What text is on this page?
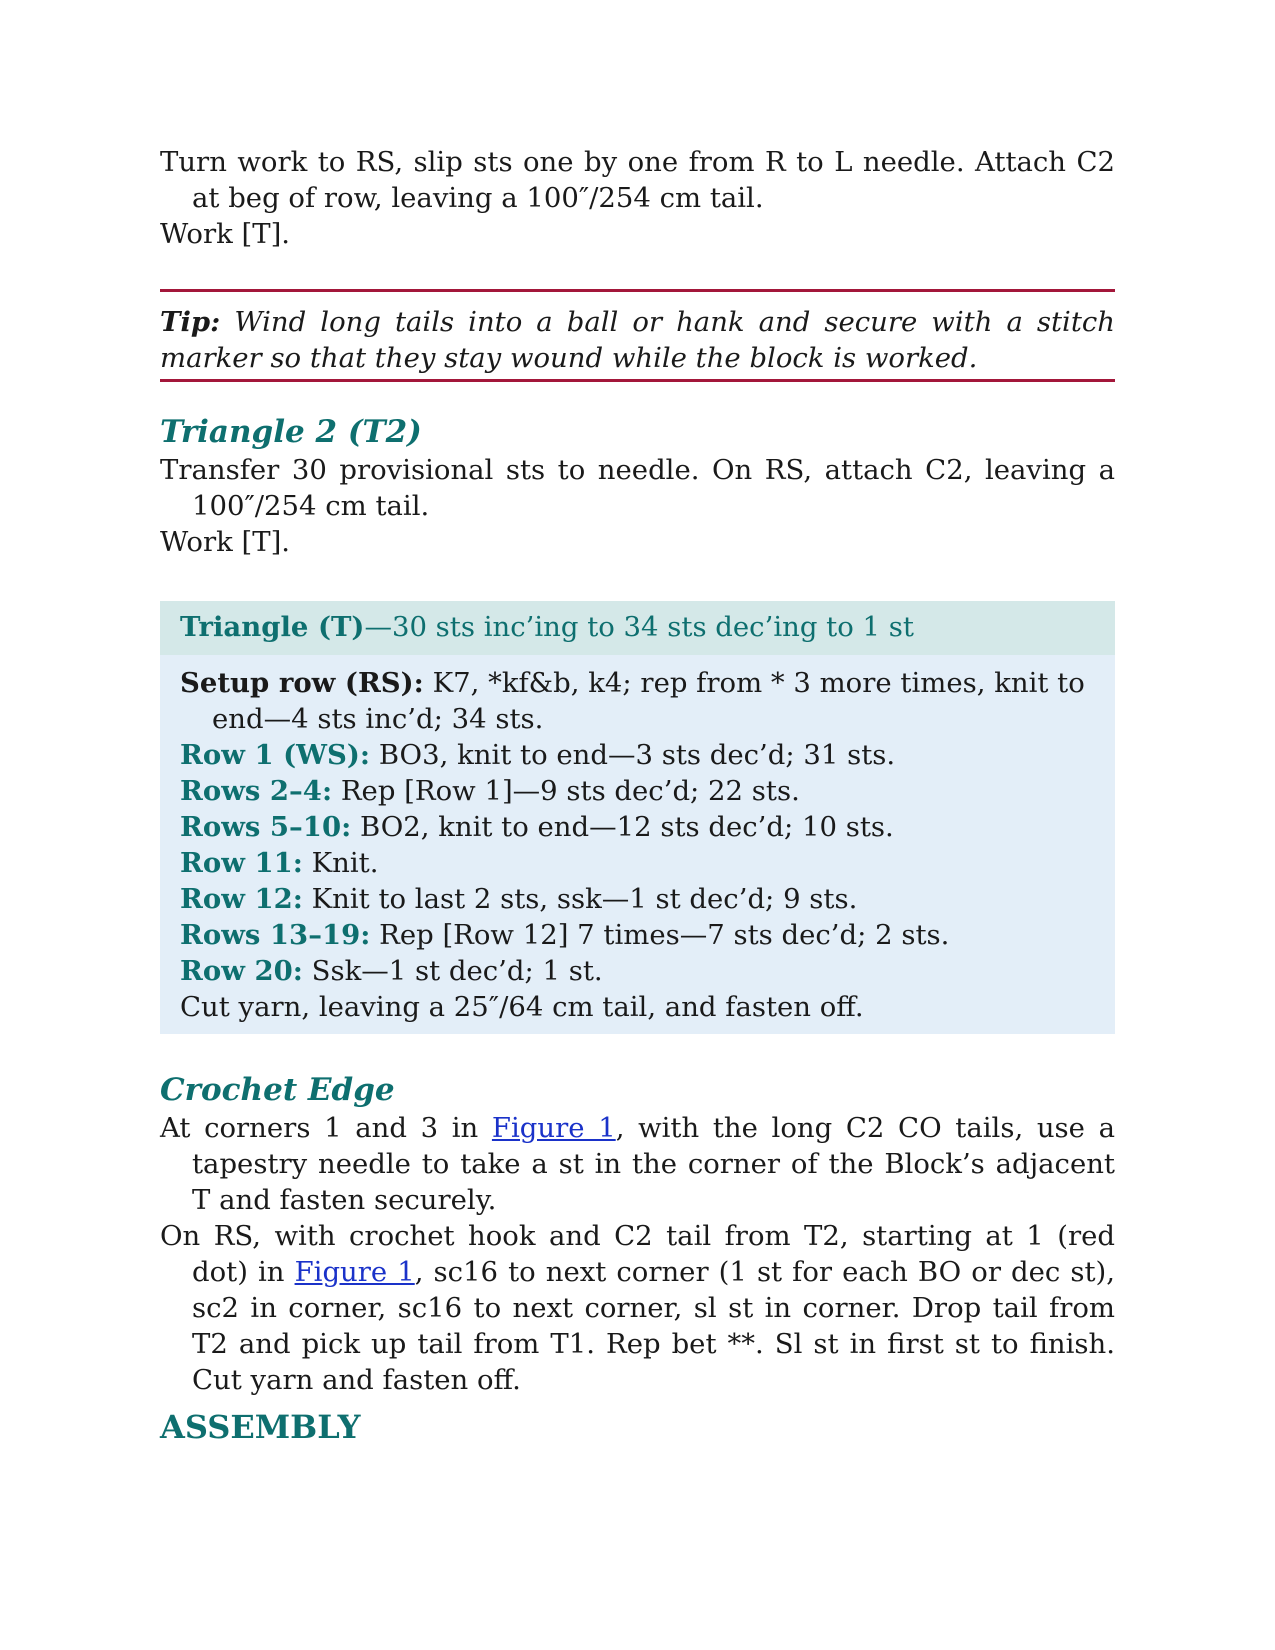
Turn work to RS, slip sts one by one from R to L needle. Attach C2 at beg of row, leaving a 100″/254 cm tail.

Work [T].

Tip: Wind long tails into a ball or hank and secure with a stitch marker so that they stay wound while the block is worked.
Triangle 2 (T2)

Transfer 30 provisional sts to needle. On RS, attach C2, leaving a 100″/254 cm tail.

Work [T].

Triangle (T)—30 sts inc’ing to 34 sts dec’ing to 1 st

Setup row (RS): K7, *kf&b, k4; rep from * 3 more times, knit to end—4 sts inc’d; 34 sts.

Row 1 (WS): BO3, knit to end—3 sts dec’d; 31 sts.

Rows 2–4: Rep [Row 1]—9 sts dec’d; 22 sts.

Rows 5–10: BO2, knit to end—12 sts dec’d; 10 sts.

Row 11: Knit.

Row 12: Knit to last 2 sts, ssk—1 st dec’d; 9 sts.

Rows 13–19: Rep [Row 12] 7 times—7 sts dec’d; 2 sts.

Row 20: Ssk—1 st dec’d; 1 st.

Cut yarn, leaving a 25″/64 cm tail, and fasten off.

Crochet Edge

At corners 1 and 3 in Figure 1, with the long C2 CO tails, use a tapestry needle to take a st in the corner of the Block’s adjacent T and fasten securely.

On RS, with crochet hook and C2 tail from T2, starting at 1 (red dot) in Figure 1, sc16 to next corner (1 st for each BO or dec st), sc2 in corner, sc16 to next corner, sl st in corner. Drop tail from T2 and pick up tail from T1. Rep bet **. Sl st in first st to finish. Cut yarn and fasten off.

ASSEMBLY
